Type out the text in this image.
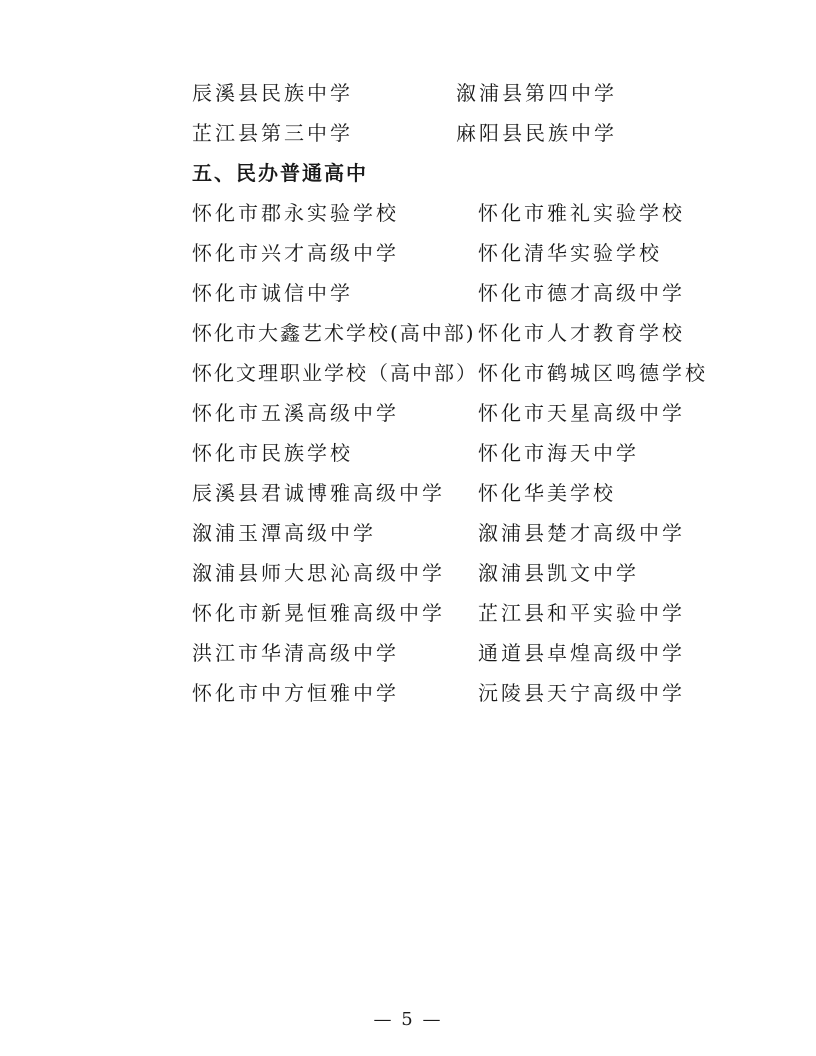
辰溪县民族中学	溆浦县第四中学
芷江县第三中学	麻阳县民族中学
五、民办普通高中
怀化市郡永实验学校	怀化市雅礼实验学校
怀化市兴才高级中学	怀化清华实验学校
怀化市诚信中学	怀化市德才高级中学
怀化市大鑫艺术学校(高中部) 怀化市人才教育学校
怀化文理职业学校（高中部） 怀化市鹤城区鸣德学校
怀化市五溪高级中学	怀化市天星高级中学
怀化市民族学校	怀化市海天中学
辰溪县君诚博雅高级中学 怀化华美学校
溆浦玉潭高级中学	溆浦县楚才高级中学
溆浦县师大思沁高级中学 溆浦县凯文中学
怀化市新晃恒雅高级中学 芷江县和平实验中学
洪江市华清高级中学	通道县卓煌高级中学
怀化市中方恒雅中学	沅陵县天宁高级中学
— 5 —
